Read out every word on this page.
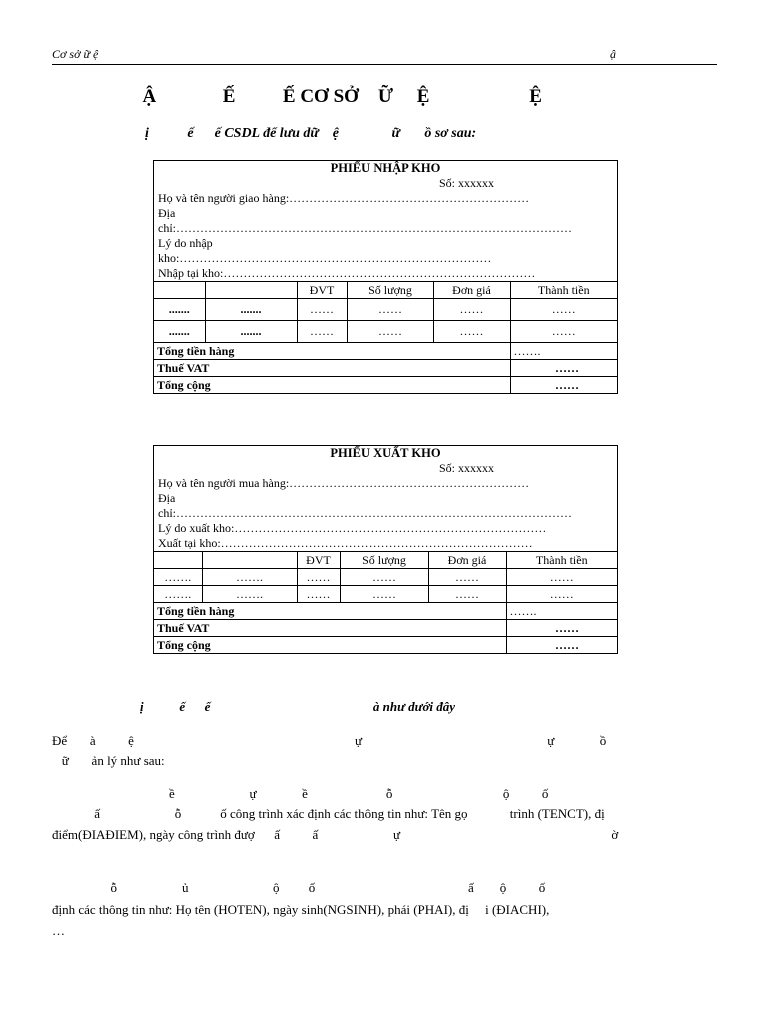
Cơ sở ữ ệ	ậ
Ậ              Ế          Ế CƠ SỞ    Ữ     Ệ                     Ệ
ị           ế      ế CSDL để lưu dữ    ệ               ữ       ồ sơ sau:
PHIẾU NHẬP KHO
Số: xxxxxx
Họ và tên người giao hàng:……………………………………………………
Địa
chỉ:………………………………………………………………………………………
Lý do nhập
kho:……………………………………………………………………
Nhập tại kho:……………………………………………………………………
		ĐVT	Số lượng	Đơn giá	Thành tiền
.......	.......	……	……	……	……
.......	.......	……	……	……	……
Tổng tiền hàng					…….
Thuế VAT					……
Tổng cộng					……
PHIẾU XUẤT KHO
Số: xxxxxx
Họ và tên người mua hàng:……………………………………………………
Địa
chỉ:………………………………………………………………………………………
Lý do xuất kho:……………………………………………………………………
Xuất tại kho:……………………………………………………………………
		ĐVT	Số lượng	Đơn giá	Thành tiền
…….	…….	……	……	……	……
…….	…….	……	……	……	……
Tổng tiền hàng					…….
Thuế VAT					……
Tổng cộng					……
ị           ế      ế                                                  à như dưới đây
Để       à          ệ                                                                    ự                                                         ự              ồ
ữ       ản lý như sau:
ề                       ự              ề                        ỗ                                  ộ          ố
ấ                       ỗ            ố công trình xác định các thông tin như: Tên gọ             trình (TENCT), đị
điểm(ĐIAĐIEM), ngày công trình đượ      ấ          ấ                       ự                                                                 ờ
ỗ                    ủ                          ộ         ố                                               ấ        ộ          ố
định các thông tin như: Họ tên (HOTEN), ngày sinh(NGSINH), phái (PHAI), đị     i (ĐIACHI),
…
